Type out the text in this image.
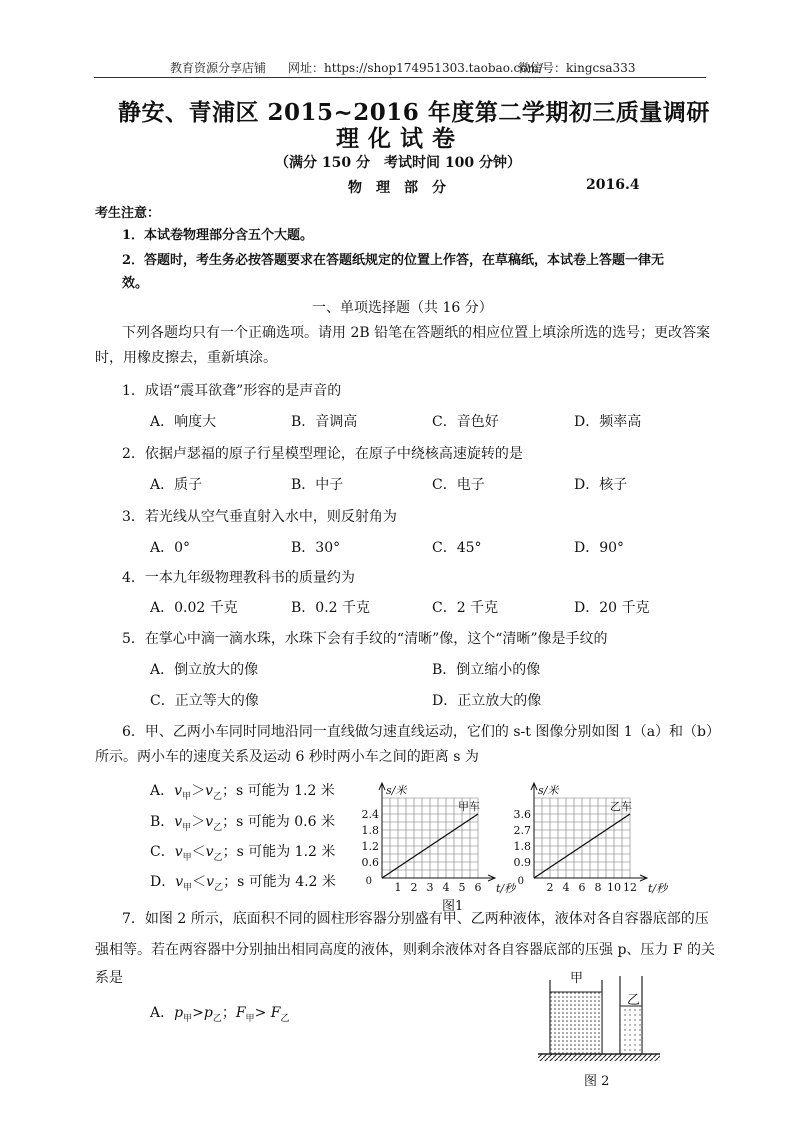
教育资源分享店铺 网址：https://shop174951303.taobao.com/
微信号：kingcsa333
静安、青浦区 2015~2016 年度第二学期初三质量调研
理 化 试 卷
（满分 150 分　考试时间 100 分钟）
物　理　部　分	2016.4
考生注意：
1．本试卷物理部分含五个大题。
2．答题时，考生务必按答题要求在答题纸规定的位置上作答，在草稿纸，本试卷上答题一律无
效。
一、单项选择题（共 16 分）
下列各题均只有一个正确选项。请用 2B 铅笔在答题纸的相应位置上填涂所选的选号；更改答案
时，用橡皮擦去，重新填涂。
1．成语“震耳欲聋”形容的是声音的
A．响度大	B．音调高	C．音色好	D．频率高
2．依据卢瑟福的原子行星模型理论，在原子中绕核高速旋转的是
A．质子	B．中子	C．电子	D．核子
3．若光线从空气垂直射入水中，则反射角为
A．0°	B．30°	C．45°	D．90°
4．一本九年级物理教科书的质量约为
A．0.02 千克	B．0.2 千克	C．2 千克	D．20 千克
5．在掌心中滴一滴水珠，水珠下会有手纹的“清晰”像，这个“清晰”像是手纹的
A．倒立放大的像	B．倒立缩小的像
C．正立等大的像	D．正立放大的像
6．甲、乙两小车同时同地沿同一直线做匀速直线运动，它们的 s-t 图像分别如图 1（a）和（b）
所示。两小车的速度关系及运动 6 秒时两小车之间的距离 s 为
A．$v_甲>v_乙$；s 可能为 1.2 米
B．$v_甲>v_乙$；s 可能为 0.6 米
C．$v_甲<v_乙$；s 可能为 1.2 米
D．$v_甲<v_乙$；s 可能为 4.2 米	1 2 3 4 5 6
0.6
1.2
1.8
2.4
0
s/米
t/秒
甲车
2 4 6 8 10 12
0.9
1.8
2.7
3.6
0
s/米
t/秒
乙车
图1
7．如图 2 所示，底面积不同的圆柱形容器分别盛有甲、乙两种液体，液体对各自容器底部的压
强相等。若在两容器中分别抽出相同高度的液体，则剩余液体对各自容器底部的压强 p、压力 F 的关
系是
A．$p_甲>p_乙$；$F_甲> F_乙$
甲
乙
图 2
